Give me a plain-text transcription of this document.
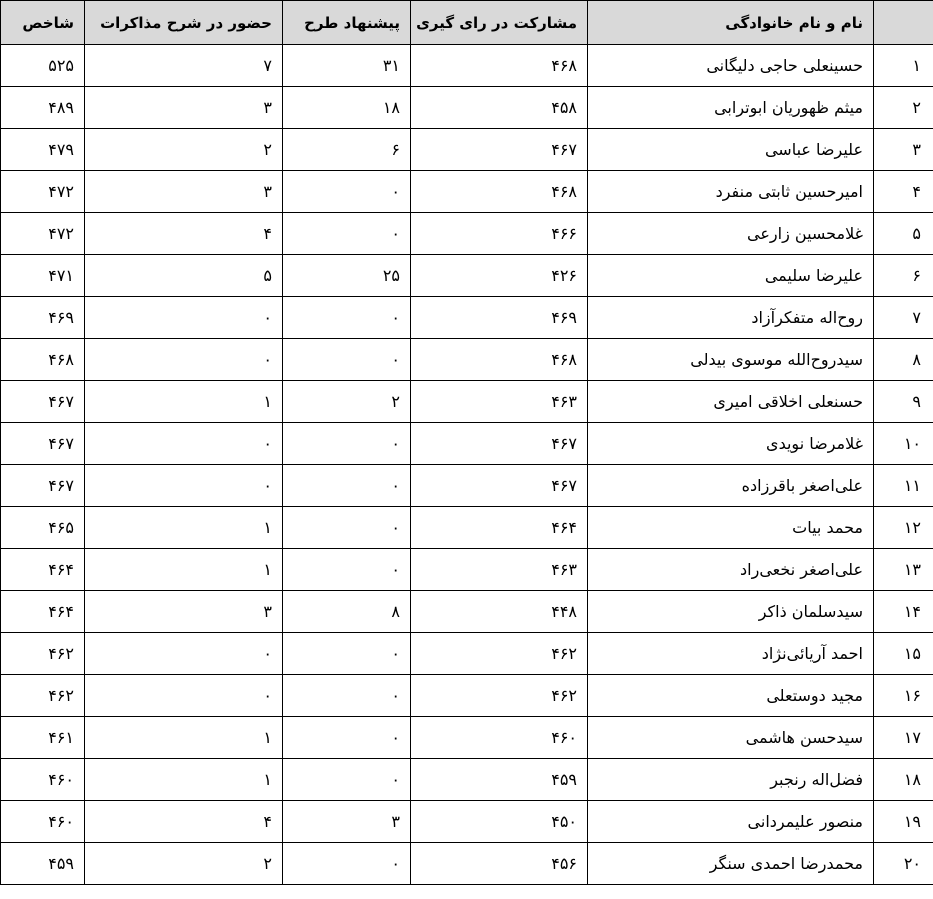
	نام و نام خانوادگی	مشارکت در رای گیری	پیشنهاد طرح	حضور در شرح مذاکرات	شاخص
۱	حسینعلی حاجی دلیگانی	۴۶۸	۳۱	۷	۵۲۵
۲	میثم ظهوریان ابوترابی	۴۵۸	۱۸	۳	۴۸۹
۳	علیرضا عباسی	۴۶۷	۶	۲	۴۷۹
۴	امیرحسین ثابتی منفرد	۴۶۸	۰	۳	۴۷۲
۵	غلامحسین زارعی	۴۶۶	۰	۴	۴۷۲
۶	علیرضا سلیمی	۴۲۶	۲۵	۵	۴۷۱
۷	روح‌اله متفکرآزاد	۴۶۹	۰	۰	۴۶۹
۸	سیدروح‌الله موسوی بیدلی	۴۶۸	۰	۰	۴۶۸
۹	حسنعلی اخلاقی امیری	۴۶۳	۲	۱	۴۶۷
۱۰	غلامرضا نویدی	۴۶۷	۰	۰	۴۶۷
۱۱	علی‌اصغر باقرزاده	۴۶۷	۰	۰	۴۶۷
۱۲	محمد بیات	۴۶۴	۰	۱	۴۶۵
۱۳	علی‌اصغر نخعی‌راد	۴۶۳	۰	۱	۴۶۴
۱۴	سیدسلمان ذاکر	۴۴۸	۸	۳	۴۶۴
۱۵	احمد آریائی‌نژاد	۴۶۲	۰	۰	۴۶۲
۱۶	مجید دوستعلی	۴۶۲	۰	۰	۴۶۲
۱۷	سیدحسن هاشمی	۴۶۰	۰	۱	۴۶۱
۱۸	فضل‌اله رنجبر	۴۵۹	۰	۱	۴۶۰
۱۹	منصور علیمردانی	۴۵۰	۳	۴	۴۶۰
۲۰	محمدرضا احمدی سنگر	۴۵۶	۰	۲	۴۵۹
